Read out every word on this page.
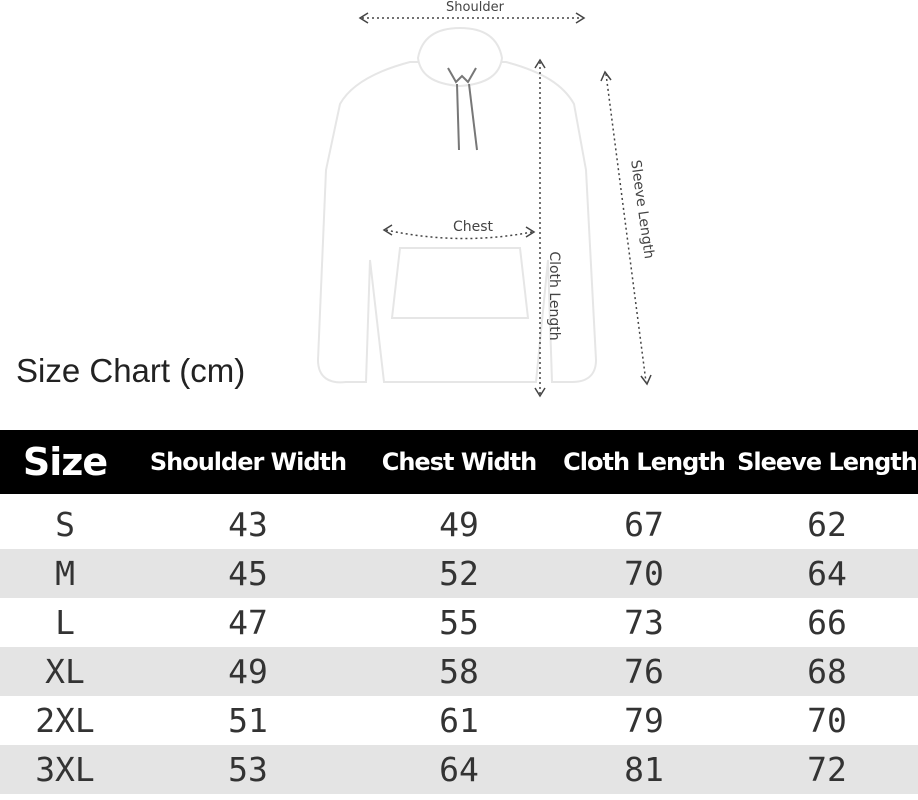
Shoulder
Chest
Cloth Length
Sleeve Length
Size Chart (cm)
Size	Shoulder Width	Chest Width	Cloth Length	Sleeve Length

S	43	49	67	62
M	45	52	70	64
L	47	55	73	66
XL	49	58	76	68
2XL	51	61	79	70
3XL	53	64	81	72
